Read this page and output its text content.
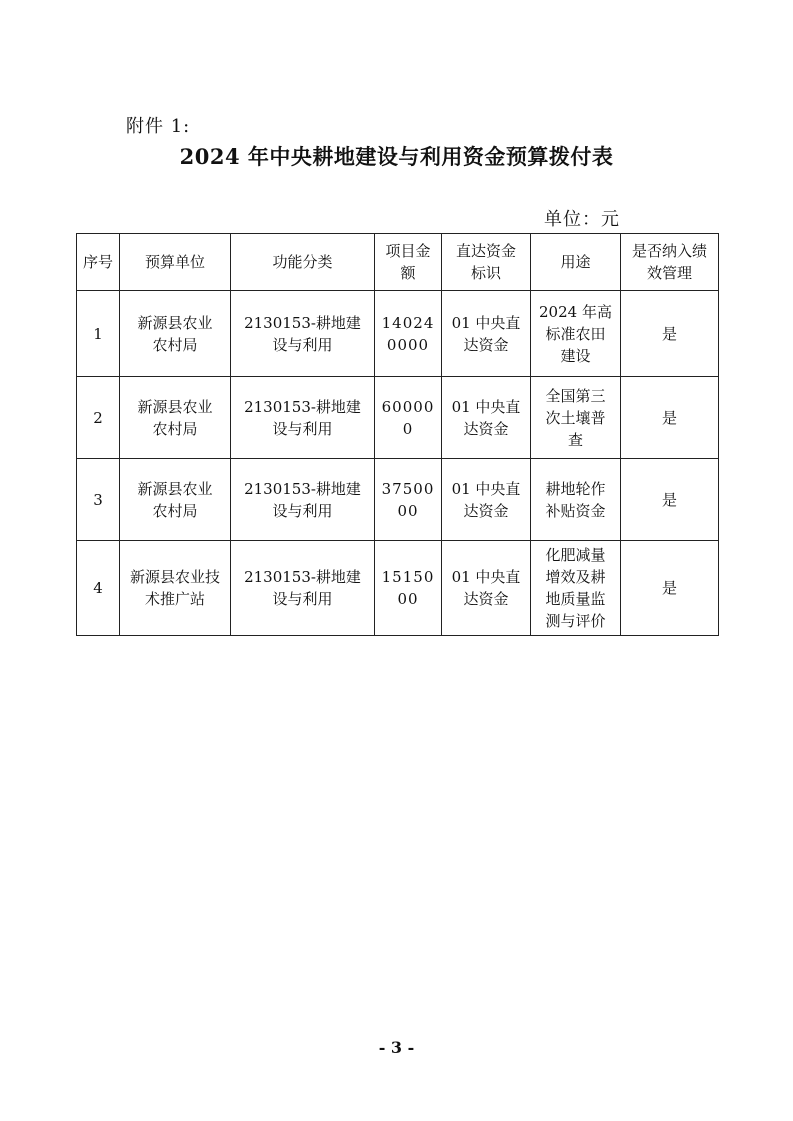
附件 1:
2024 年中央耕地建设与利用资金预算拨付表
单位：元
序号	预算单位	功能分类	项目金额	直达资金标识	用途	是否纳入绩效管理
1	新源县农业农村局	2130153-耕地建设与利用	140240000	01 中央直达资金	2024 年高标准农田建设	是
2	新源县农业农村局	2130153-耕地建设与利用	600000	01 中央直达资金	全国第三次土壤普查	是
3	新源县农业农村局	2130153-耕地建设与利用	3750000	01 中央直达资金	耕地轮作补贴资金	是
4	新源县农业技术推广站	2130153-耕地建设与利用	1515000	01 中央直达资金	化肥减量增效及耕地质量监测与评价	是
- 3 -
